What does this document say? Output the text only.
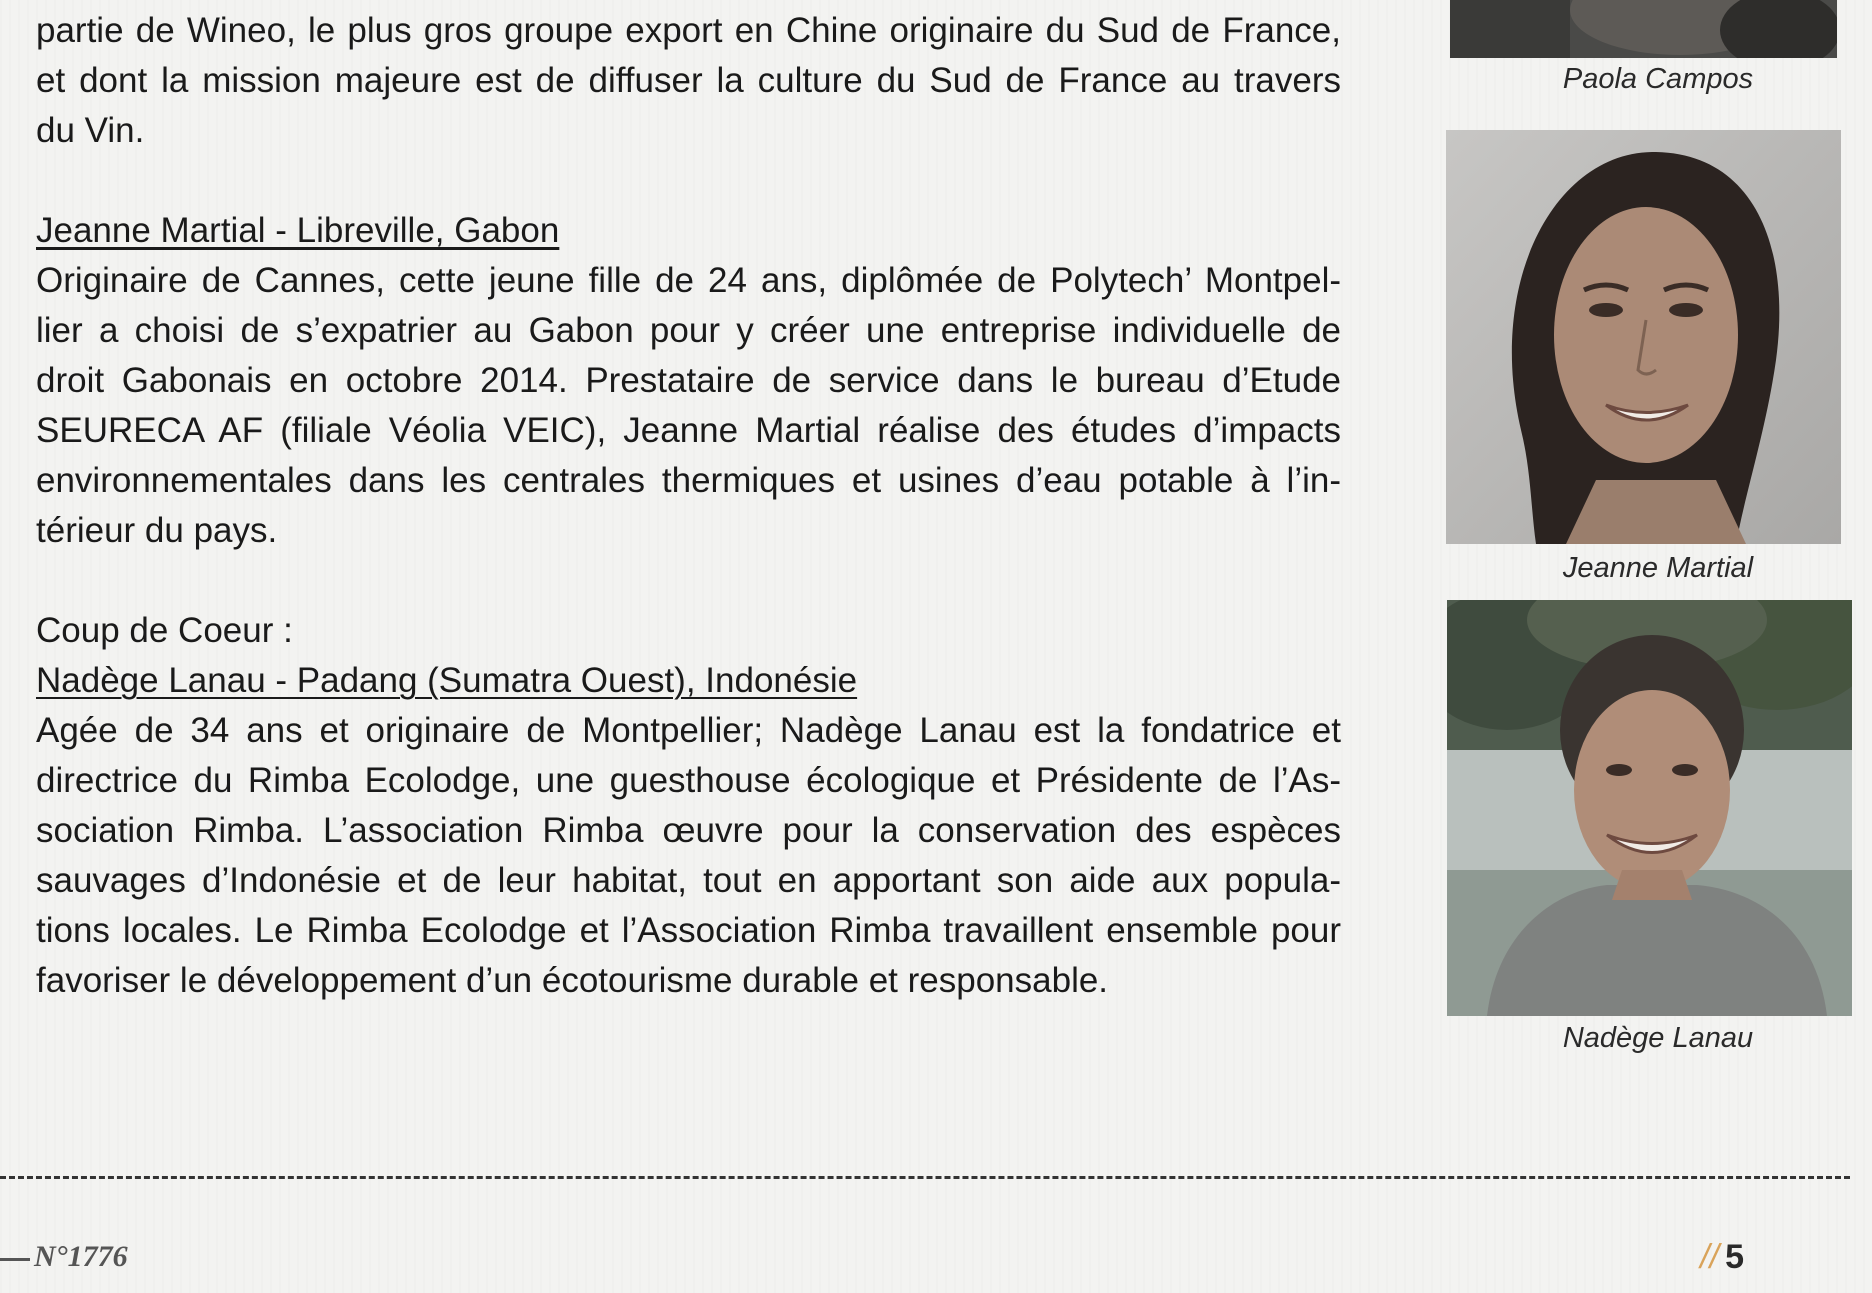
partie de Wineo, le plus gros groupe export en Chine originaire du Sud de France,
et dont la mission majeure est de diffuser la culture du Sud de France au travers
du Vin.

Jeanne Martial - Libreville, Gabon
Originaire de Cannes, cette jeune fille de 24 ans, diplômée de Polytech’ Montpel-
lier a choisi de s’expatrier au Gabon pour y créer une entreprise individuelle de
droit Gabonais en octobre 2014. Prestataire de service dans le bureau d’Etude
SEURECA AF (filiale Véolia VEIC), Jeanne Martial réalise des études d’impacts
environnementales dans les centrales thermiques et usines d’eau potable à l’in-
térieur du pays.

Coup de Coeur :
Nadège Lanau - Padang (Sumatra Ouest), Indonésie
Agée de 34 ans et originaire de Montpellier; Nadège Lanau est la fondatrice et
directrice du Rimba Ecolodge, une guesthouse écologique et Présidente de l’As-
sociation Rimba. L’association Rimba œuvre pour la conservation des espèces
sauvages d’Indonésie et de leur habitat, tout en apportant son aide aux popula-
tions locales. Le Rimba Ecolodge et l’Association Rimba travaillent ensemble pour
favoriser le développement d’un écotourisme durable et responsable.

Paola Campos
Jeanne Martial
Nadège Lanau
N°1776	// 5
